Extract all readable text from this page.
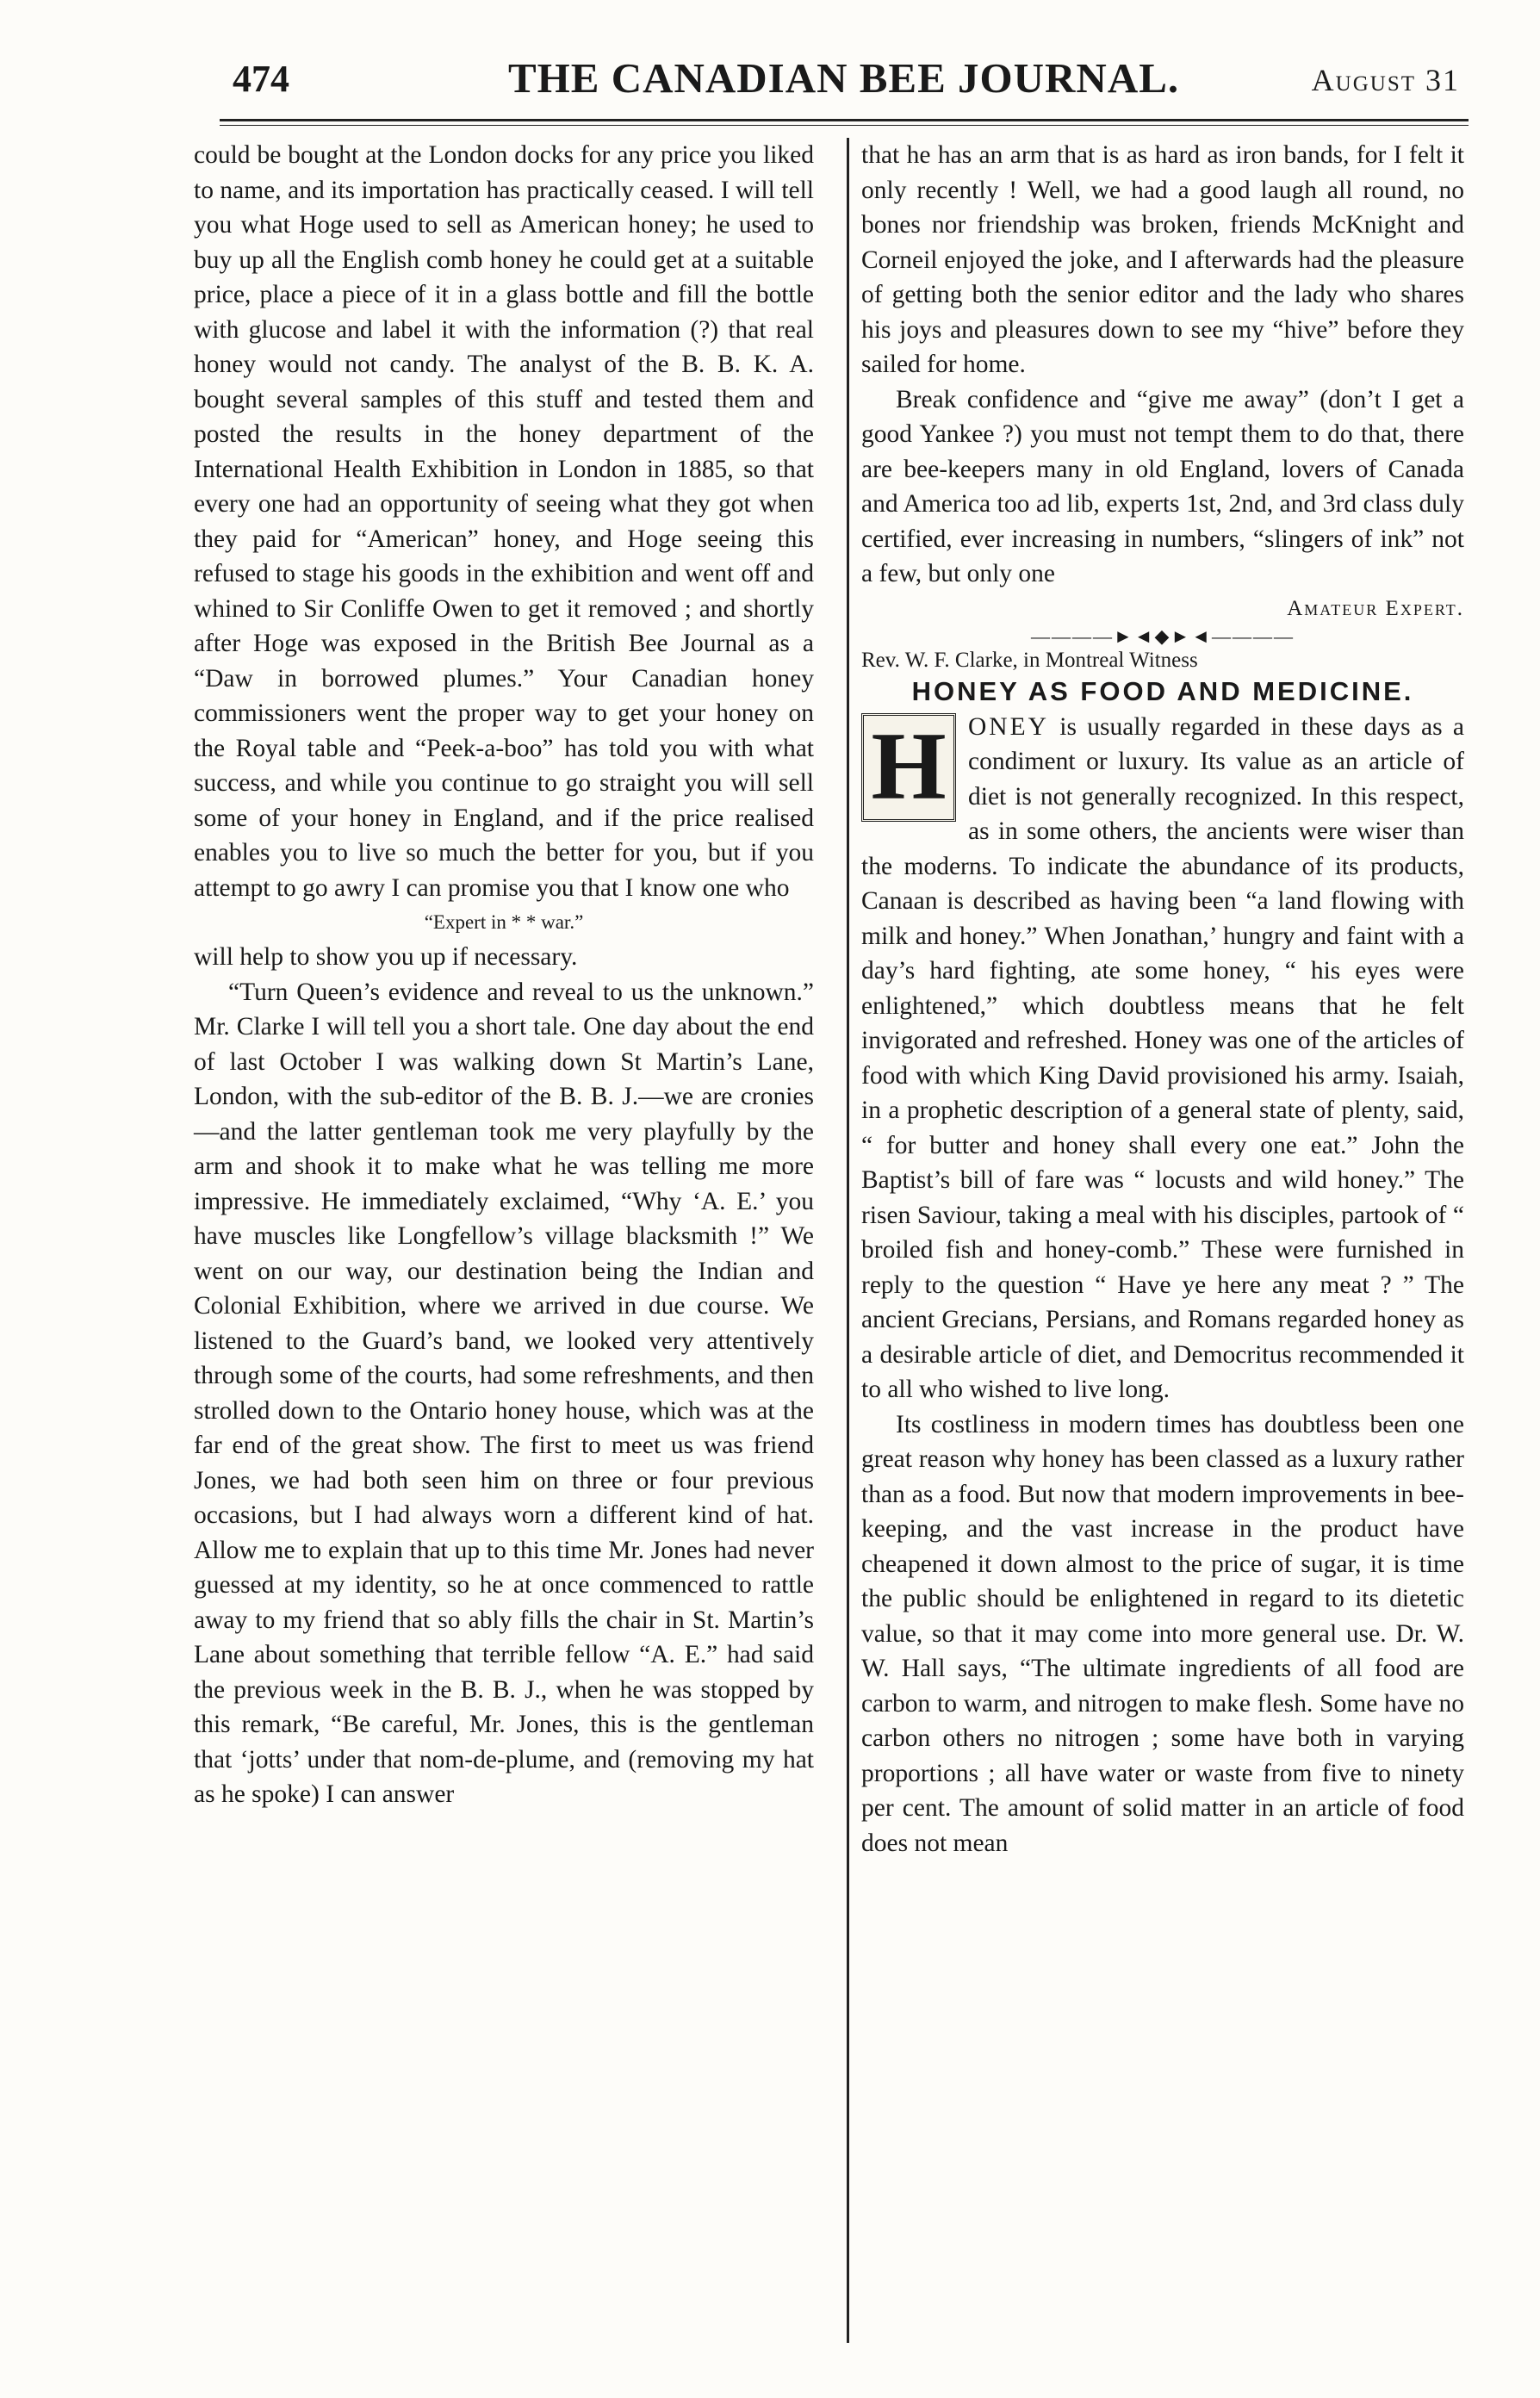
474	THE CANADIAN BEE JOURNAL.	August 31

could be bought at the London docks for any price you liked to name, and its importation has practically ceased. I will tell you what Hoge used to sell as American honey; he used to buy up all the English comb honey he could get at a suitable price, place a piece of it in a glass bottle and fill the bottle with glucose and label it with the information (?) that real honey would not candy. The analyst of the B. B. K. A. bought several samples of this stuff and tested them and posted the results in the honey department of the International Health Exhibition in London in 1885, so that every one had an opportunity of seeing what they got when they paid for “American” honey, and Hoge seeing this refused to stage his goods in the exhibition and went off and whined to Sir Conliffe Owen to get it removed ; and shortly after Hoge was exposed in the British Bee Journal as a “Daw in borrowed plumes.” Your Canadian honey commissioners went the proper way to get your honey on the Royal table and “Peek-a-boo” has told you with what success, and while you continue to go straight you will sell some of your honey in England, and if the price realised enables you to live so much the better for you, but if you attempt to go awry I can promise you that I know one who

“Expert in * * war.”

will help to show you up if necessary.

“Turn Queen’s evidence and reveal to us the unknown.” Mr. Clarke I will tell you a short tale. One day about the end of last October I was walking down St Martin’s Lane, London, with the sub-editor of the B. B. J.—we are cronies—and the latter gentleman took me very playfully by the arm and shook it to make what he was telling me more impressive. He immediately exclaimed, “Why ‘A. E.’ you have muscles like Longfellow’s village blacksmith !” We went on our way, our destination being the Indian and Colonial Exhibition, where we arrived in due course. We listened to the Guard’s band, we looked very attentively through some of the courts, had some refreshments, and then strolled down to the Ontario honey house, which was at the far end of the great show. The first to meet us was friend Jones, we had both seen him on three or four previous occasions, but I had always worn a different kind of hat. Allow me to explain that up to this time Mr. Jones had never guessed at my identity, so he at once commenced to rattle away to my friend that so ably fills the chair in St. Martin’s Lane about something that terrible fellow “A. E.” had said the previous week in the B. B. J., when he was stopped by this remark, “Be careful, Mr. Jones, this is the gentleman that ‘jotts’ under that nom-de-plume, and (removing my hat as he spoke) I can answer

that he has an arm that is as hard as iron bands, for I felt it only recently ! Well, we had a good laugh all round, no bones nor friendship was broken, friends McKnight and Corneil enjoyed the joke, and I afterwards had the pleasure of getting both the senior editor and the lady who shares his joys and pleasures down to see my “hive” before they sailed for home.

Break confidence and “give me away” (don’t I get a good Yankee ?) you must not tempt them to do that, there are bee-keepers many in old England, lovers of Canada and America too ad lib, experts 1st, 2nd, and 3rd class duly certified, ever increasing in numbers, “slingers of ink” not a few, but only one

Amateur Expert.

————►◄◆►◄————

Rev. W. F. Clarke, in Montreal Witness

HONEY AS FOOD AND MEDICINE.

H ONEY is usually regarded in these days as a condiment or luxury. Its value as an article of diet is not generally recognized. In this respect, as in some others, the ancients were wiser than the moderns. To indicate the abundance of its products, Canaan is described as having been “a land flowing with milk and honey.” When Jonathan,’ hungry and faint with a day’s hard fighting, ate some honey, “ his eyes were enlightened,” which doubtless means that he felt invigorated and refreshed. Honey was one of the articles of food with which King David provisioned his army. Isaiah, in a prophetic description of a general state of plenty, said, “ for butter and honey shall every one eat.” John the Baptist’s bill of fare was “ locusts and wild honey.” The risen Saviour, taking a meal with his disciples, partook of “ broiled fish and honey-comb.” These were furnished in reply to the question “ Have ye here any meat ? ” The ancient Grecians, Persians, and Romans regarded honey as a desirable article of diet, and Democritus recommended it to all who wished to live long.

Its costliness in modern times has doubtless been one great reason why honey has been classed as a luxury rather than as a food. But now that modern improvements in bee-keeping, and the vast increase in the product have cheapened it down almost to the price of sugar, it is time the public should be enlightened in regard to its dietetic value, so that it may come into more general use. Dr. W. W. Hall says, “The ultimate ingredients of all food are carbon to warm, and nitrogen to make flesh. Some have no carbon others no nitrogen ; some have both in varying proportions ; all have water or waste from five to ninety per cent. The amount of solid matter in an article of food does not mean
